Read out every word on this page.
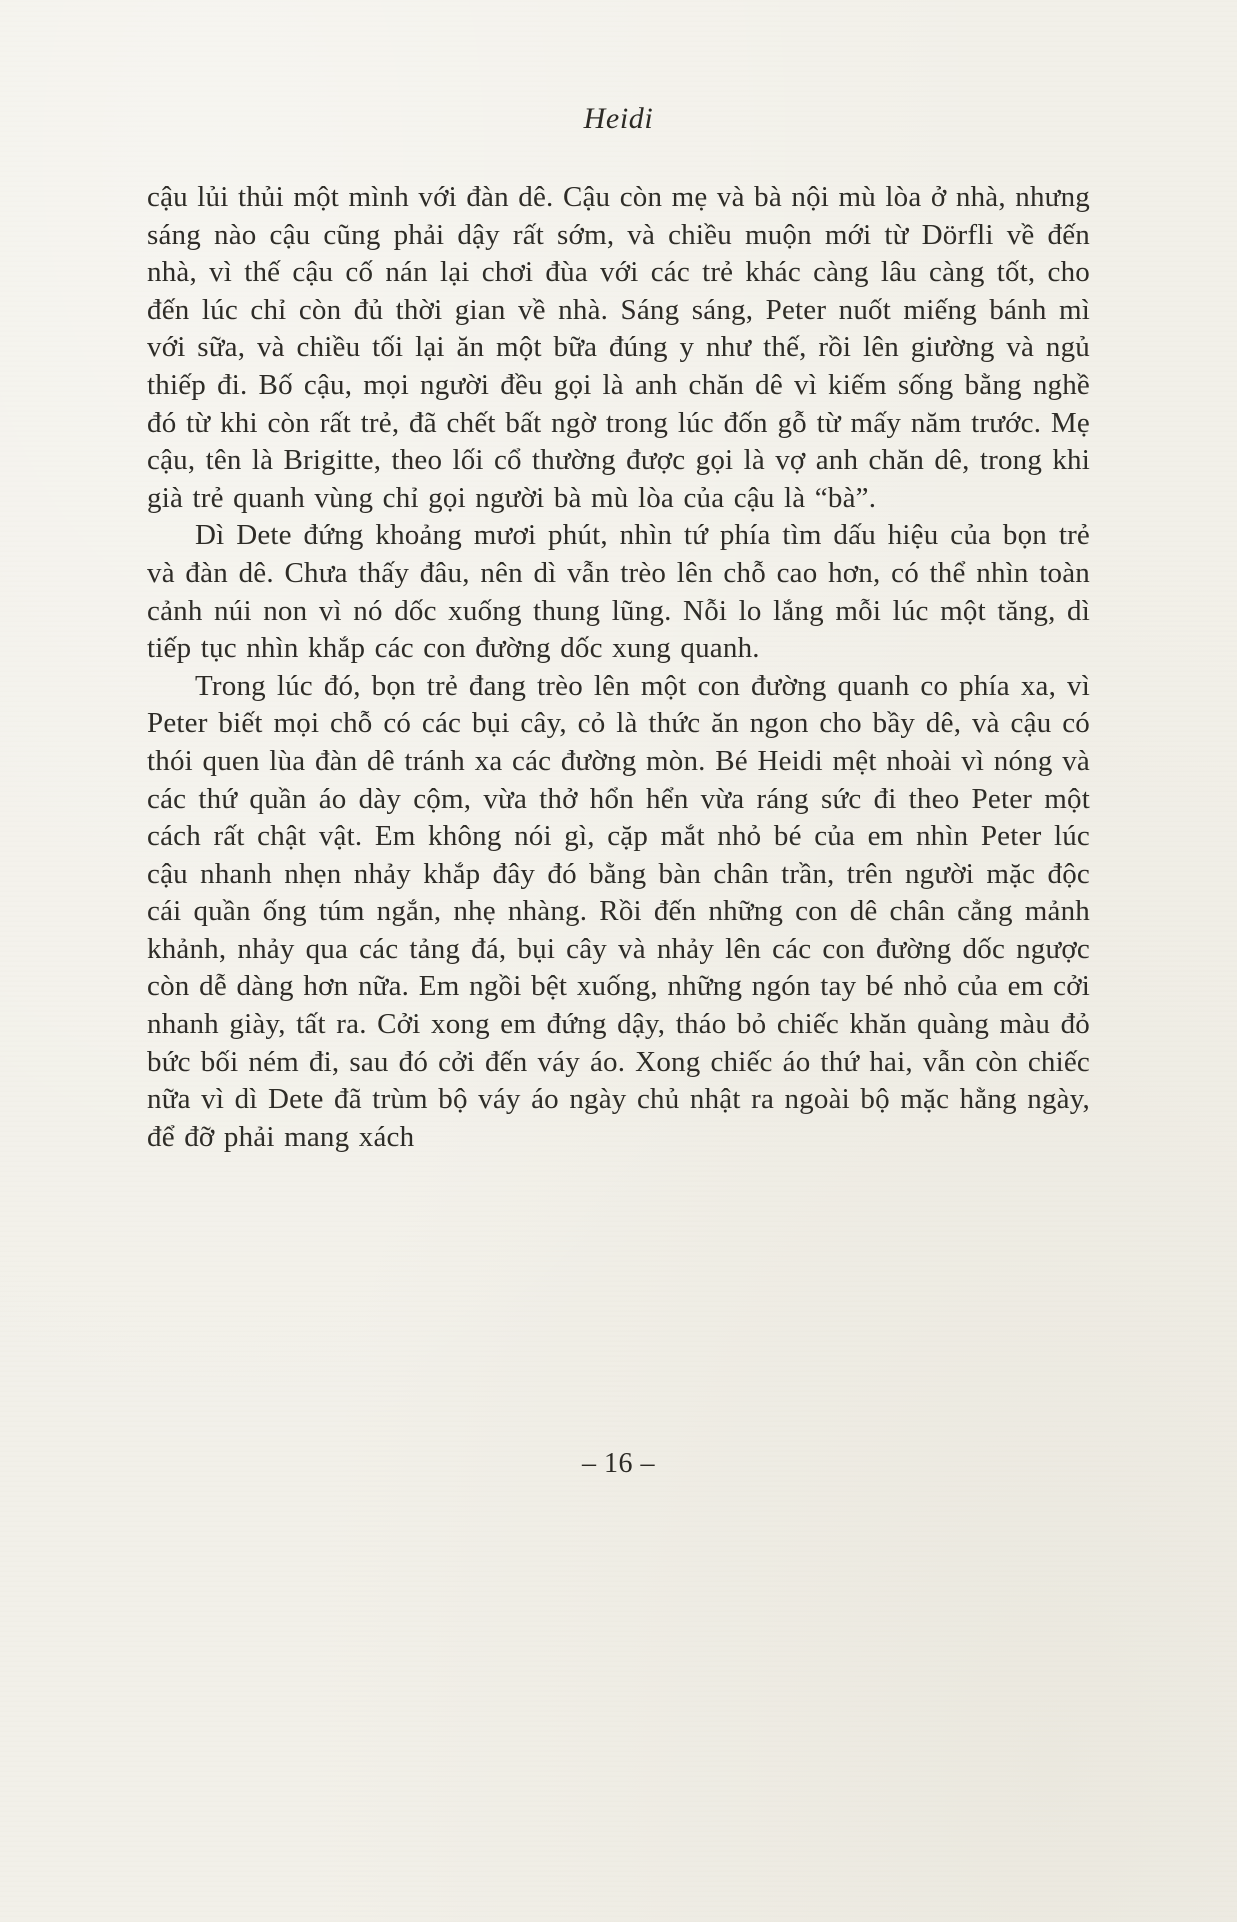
Heidi

cậu lủi thủi một mình với đàn dê. Cậu còn mẹ và bà nội mù lòa ở nhà, nhưng sáng nào cậu cũng phải dậy rất sớm, và chiều muộn mới từ Dörfli về đến nhà, vì thế cậu cố nán lại chơi đùa với các trẻ khác càng lâu càng tốt, cho đến lúc chỉ còn đủ thời gian về nhà. Sáng sáng, Peter nuốt miếng bánh mì với sữa, và chiều tối lại ăn một bữa đúng y như thế, rồi lên giường và ngủ thiếp đi. Bố cậu, mọi người đều gọi là anh chăn dê vì kiếm sống bằng nghề đó từ khi còn rất trẻ, đã chết bất ngờ trong lúc đốn gỗ từ mấy năm trước. Mẹ cậu, tên là Brigitte, theo lối cổ thường được gọi là vợ anh chăn dê, trong khi già trẻ quanh vùng chỉ gọi người bà mù lòa của cậu là “bà”.

Dì Dete đứng khoảng mươi phút, nhìn tứ phía tìm dấu hiệu của bọn trẻ và đàn dê. Chưa thấy đâu, nên dì vẫn trèo lên chỗ cao hơn, có thể nhìn toàn cảnh núi non vì nó dốc xuống thung lũng. Nỗi lo lắng mỗi lúc một tăng, dì tiếp tục nhìn khắp các con đường dốc xung quanh.

Trong lúc đó, bọn trẻ đang trèo lên một con đường quanh co phía xa, vì Peter biết mọi chỗ có các bụi cây, cỏ là thức ăn ngon cho bầy dê, và cậu có thói quen lùa đàn dê tránh xa các đường mòn. Bé Heidi mệt nhoài vì nóng và các thứ quần áo dày cộm, vừa thở hổn hển vừa ráng sức đi theo Peter một cách rất chật vật. Em không nói gì, cặp mắt nhỏ bé của em nhìn Peter lúc cậu nhanh nhẹn nhảy khắp đây đó bằng bàn chân trần, trên người mặc độc cái quần ống túm ngắn, nhẹ nhàng. Rồi đến những con dê chân cẳng mảnh khảnh, nhảy qua các tảng đá, bụi cây và nhảy lên các con đường dốc ngược còn dễ dàng hơn nữa. Em ngồi bệt xuống, những ngón tay bé nhỏ của em cởi nhanh giày, tất ra. Cởi xong em đứng dậy, tháo bỏ chiếc khăn quàng màu đỏ bức bối ném đi, sau đó cởi đến váy áo. Xong chiếc áo thứ hai, vẫn còn chiếc nữa vì dì Dete đã trùm bộ váy áo ngày chủ nhật ra ngoài bộ mặc hằng ngày, để đỡ phải mang xách

– 16 –
